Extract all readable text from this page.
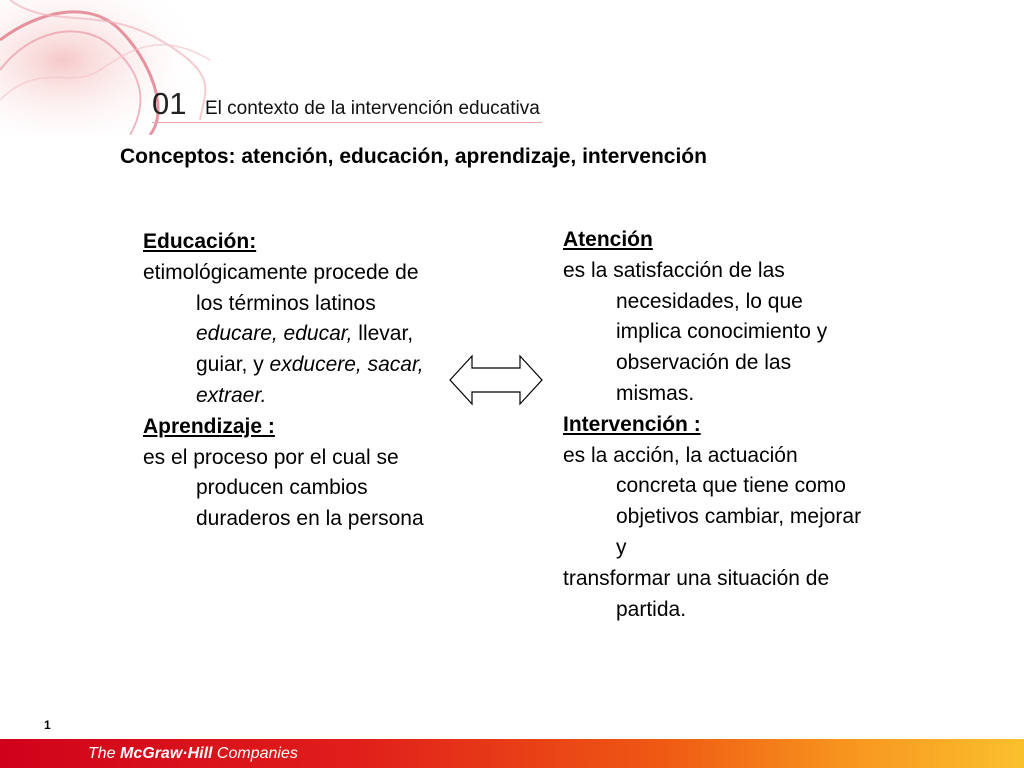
01 El contexto de la intervención educativa
Conceptos: atención, educación, aprendizaje, intervención
Educación:
etimológicamente procede de
los términos latinos
educare, educar, llevar,
guiar, y exducere, sacar,
extraer.
Aprendizaje :
es el proceso por el cual se
producen cambios
duraderos en la persona
Atención
es la satisfacción de las
necesidades, lo que
implica conocimiento y
observación de las
mismas.
Intervención :
es la acción, la actuación
concreta que tiene como
objetivos cambiar, mejorar
y
transformar una situación de
partida.
1
The McGraw·Hill Companies
